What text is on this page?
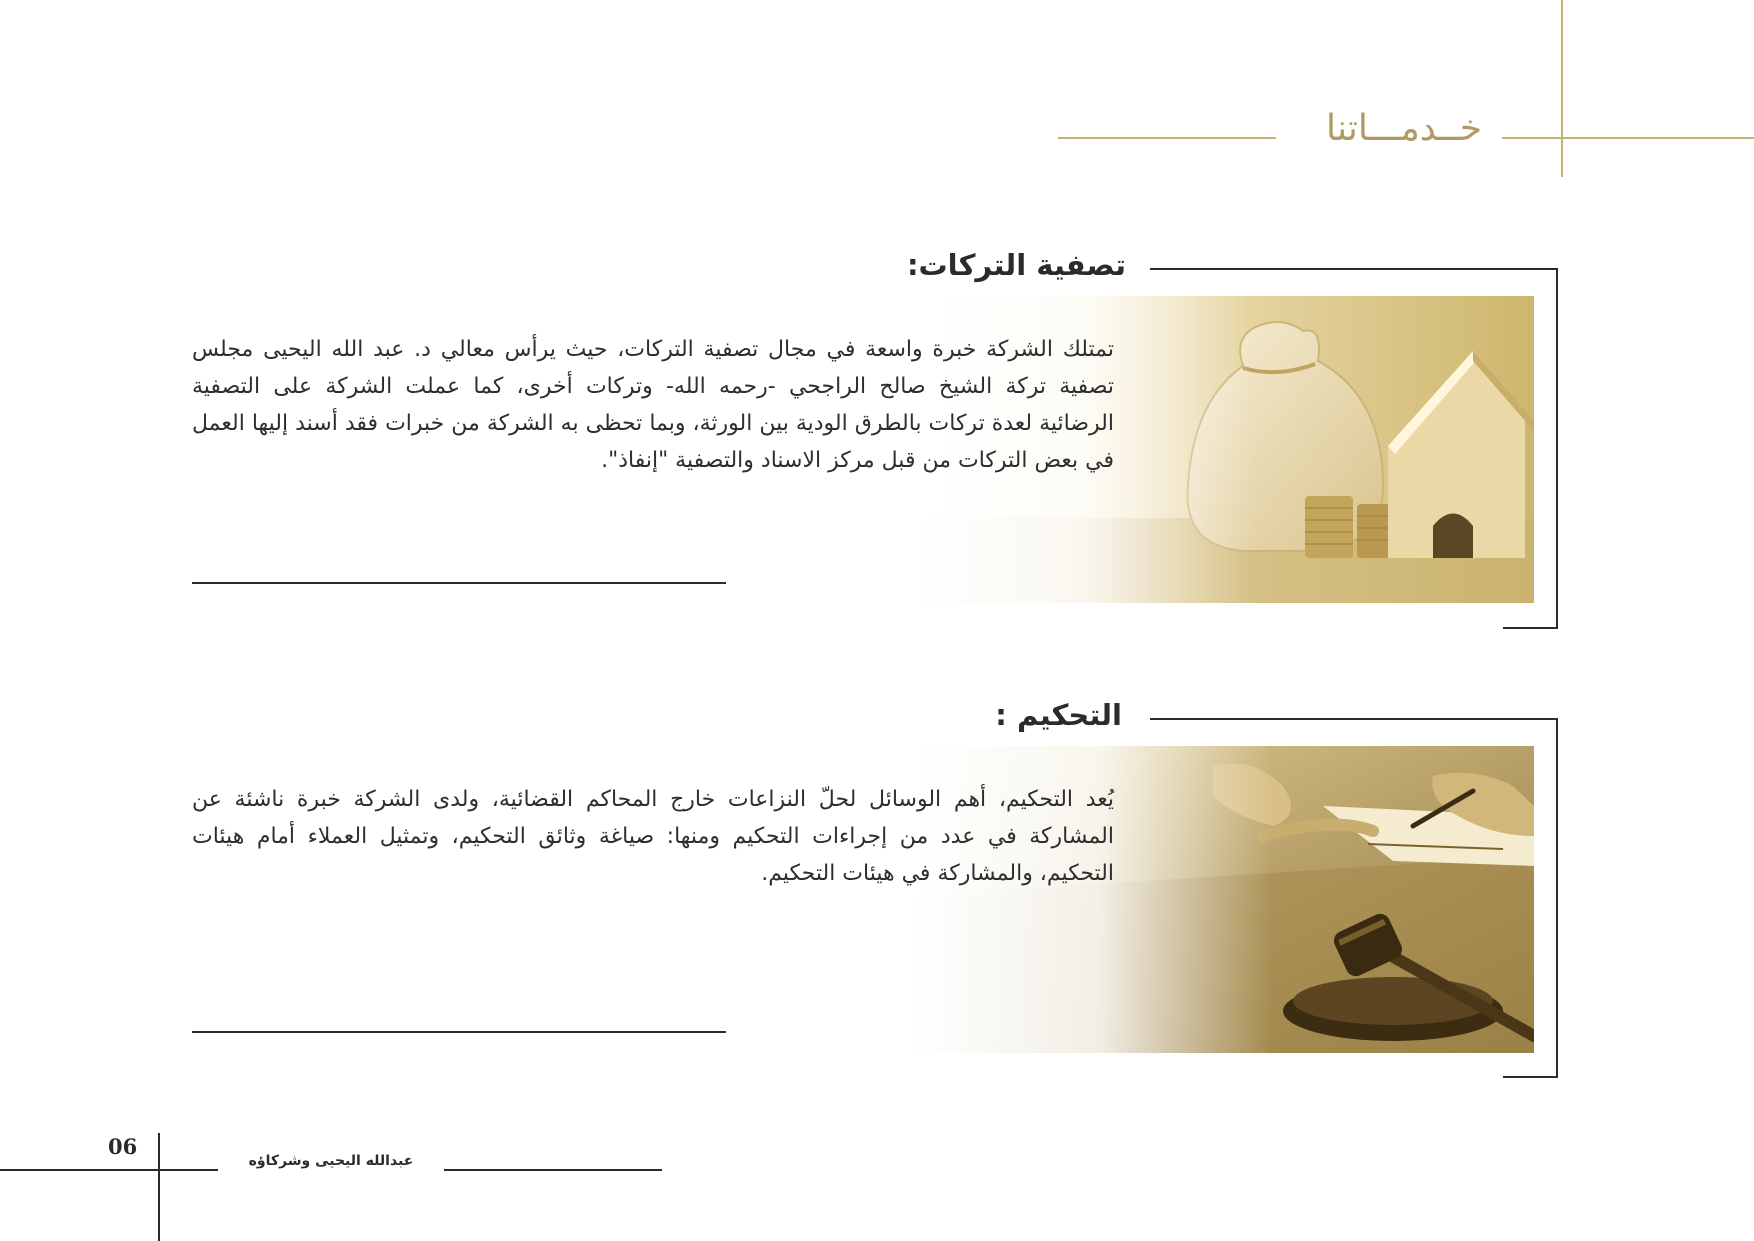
خــدمـــاتنا
تصفية التركات:
تمتلك الشركة خبرة واسعة في مجال تصفية التركات، حيث يرأس معالي د. عبد الله اليحيى مجلس تصفية تركة الشيخ صالح الراجحي -رحمه الله- وتركات أخرى، كما عملت الشركة على التصفية الرضائية لعدة تركات بالطرق الودية بين الورثة، وبما تحظى به الشركة من خبرات فقد أسند إليها العمل في بعض التركات من قبل مركز الاسناد والتصفية "إنفاذ".
التحكيم :
يُعد التحكيم، أهم الوسائل لحلّ النزاعات خارج المحاكم القضائية، ولدى الشركة خبرة ناشئة عن المشاركة في عدد من إجراءات التحكيم ومنها: صياغة وثائق التحكيم، وتمثيل العملاء أمام هيئات التحكيم، والمشاركة في هيئات التحكيم.
06
عبدالله اليحيى وشركاؤه
